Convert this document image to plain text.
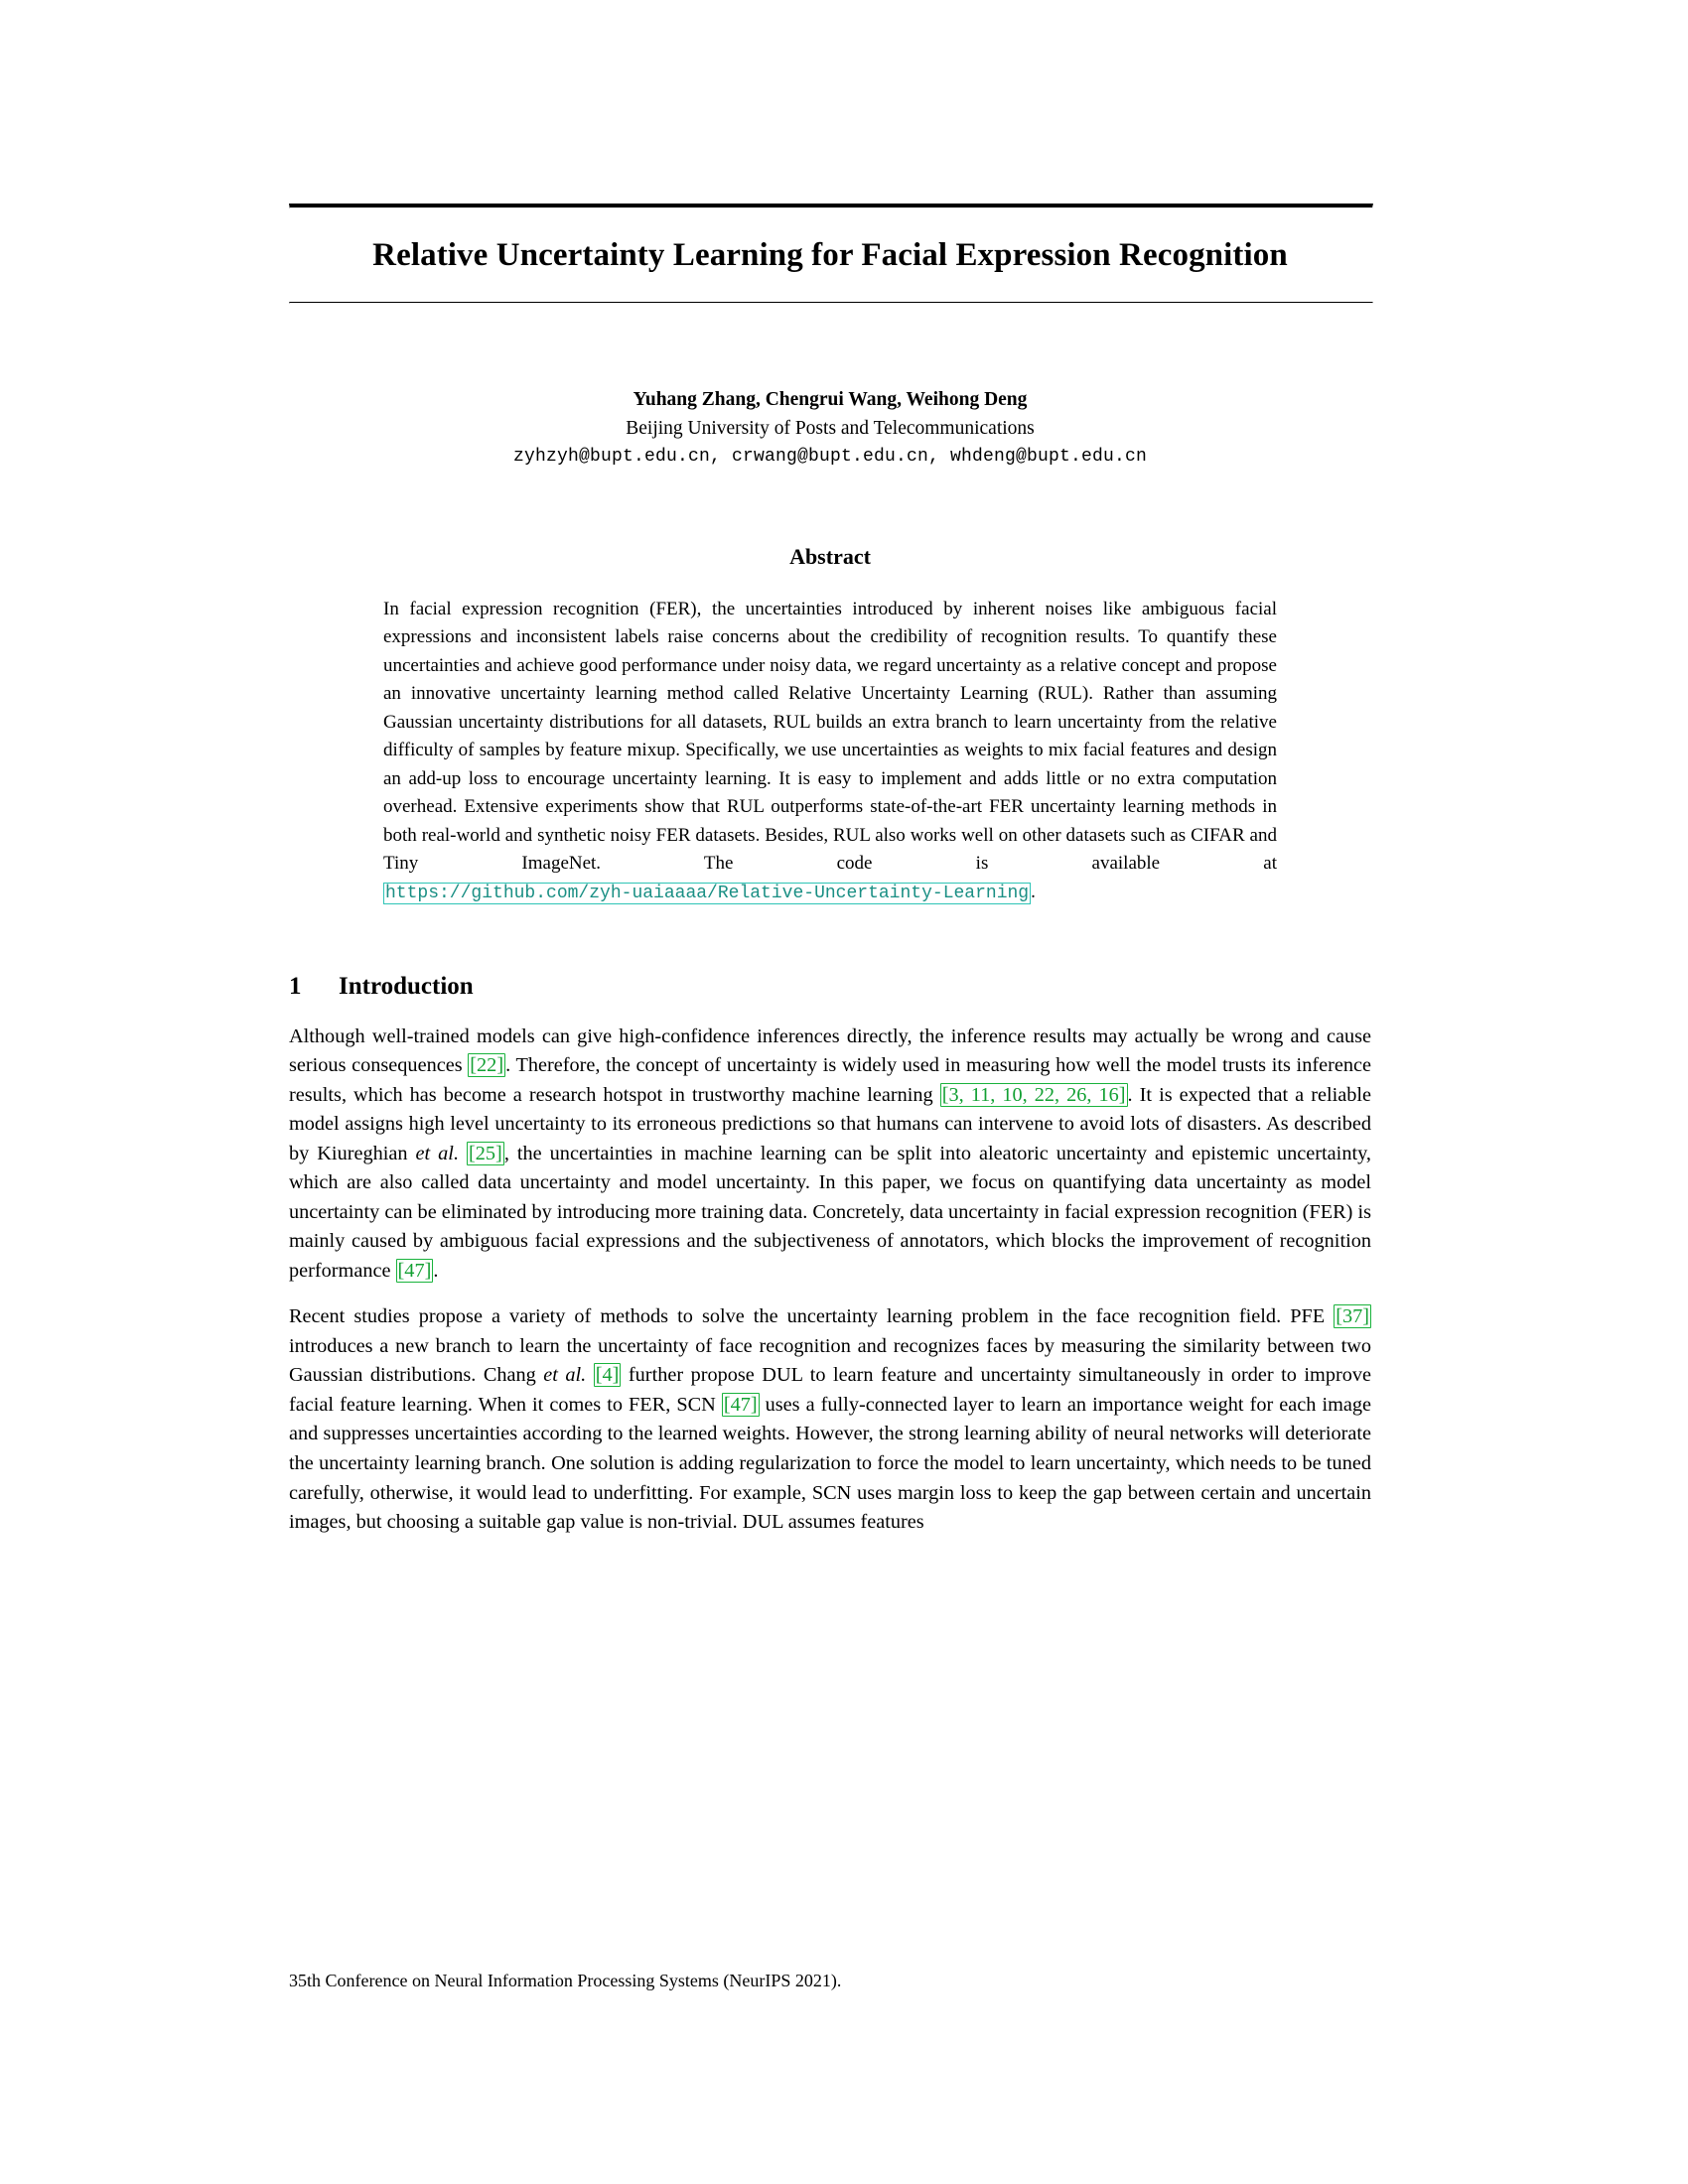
Relative Uncertainty Learning for Facial Expression Recognition
Yuhang Zhang, Chengrui Wang, Weihong Deng
Beijing University of Posts and Telecommunications
zyhzyh@bupt.edu.cn, crwang@bupt.edu.cn, whdeng@bupt.edu.cn
Abstract

In facial expression recognition (FER), the uncertainties introduced by inherent noises like ambiguous facial expressions and inconsistent labels raise concerns about the credibility of recognition results. To quantify these uncertainties and achieve good performance under noisy data, we regard uncertainty as a relative concept and propose an innovative uncertainty learning method called Relative Uncertainty Learning (RUL). Rather than assuming Gaussian uncertainty distributions for all datasets, RUL builds an extra branch to learn uncertainty from the relative difficulty of samples by feature mixup. Specifically, we use uncertainties as weights to mix facial features and design an add-up loss to encourage uncertainty learning. It is easy to implement and adds little or no extra computation overhead. Extensive experiments show that RUL outperforms state-of-the-art FER uncertainty learning methods in both real-world and synthetic noisy FER datasets. Besides, RUL also works well on other datasets such as CIFAR and Tiny ImageNet. The code is available at https://github.com/zyh-uaiaaaa/Relative-Uncertainty-Learning .

1 Introduction

Although well-trained models can give high-confidence inferences directly, the inference results may actually be wrong and cause serious consequences [22]. Therefore, the concept of uncertainty is widely used in measuring how well the model trusts its inference results, which has become a research hotspot in trustworthy machine learning [3, 11, 10, 22, 26, 16]. It is expected that a reliable model assigns high level uncertainty to its erroneous predictions so that humans can intervene to avoid lots of disasters. As described by Kiureghian et al. [25], the uncertainties in machine learning can be split into aleatoric uncertainty and epistemic uncertainty, which are also called data uncertainty and model uncertainty. In this paper, we focus on quantifying data uncertainty as model uncertainty can be eliminated by introducing more training data. Concretely, data uncertainty in facial expression recognition (FER) is mainly caused by ambiguous facial expressions and the subjectiveness of annotators, which blocks the improvement of recognition performance [47].

Recent studies propose a variety of methods to solve the uncertainty learning problem in the face recognition field. PFE [37] introduces a new branch to learn the uncertainty of face recognition and recognizes faces by measuring the similarity between two Gaussian distributions. Chang et al. [4] further propose DUL to learn feature and uncertainty simultaneously in order to improve facial feature learning. When it comes to FER, SCN [47] uses a fully-connected layer to learn an importance weight for each image and suppresses uncertainties according to the learned weights. However, the strong learning ability of neural networks will deteriorate the uncertainty learning branch. One solution is adding regularization to force the model to learn uncertainty, which needs to be tuned carefully, otherwise, it would lead to underfitting. For example, SCN uses margin loss to keep the gap between certain and uncertain images, but choosing a suitable gap value is non-trivial. DUL assumes features

35th Conference on Neural Information Processing Systems (NeurIPS 2021).
